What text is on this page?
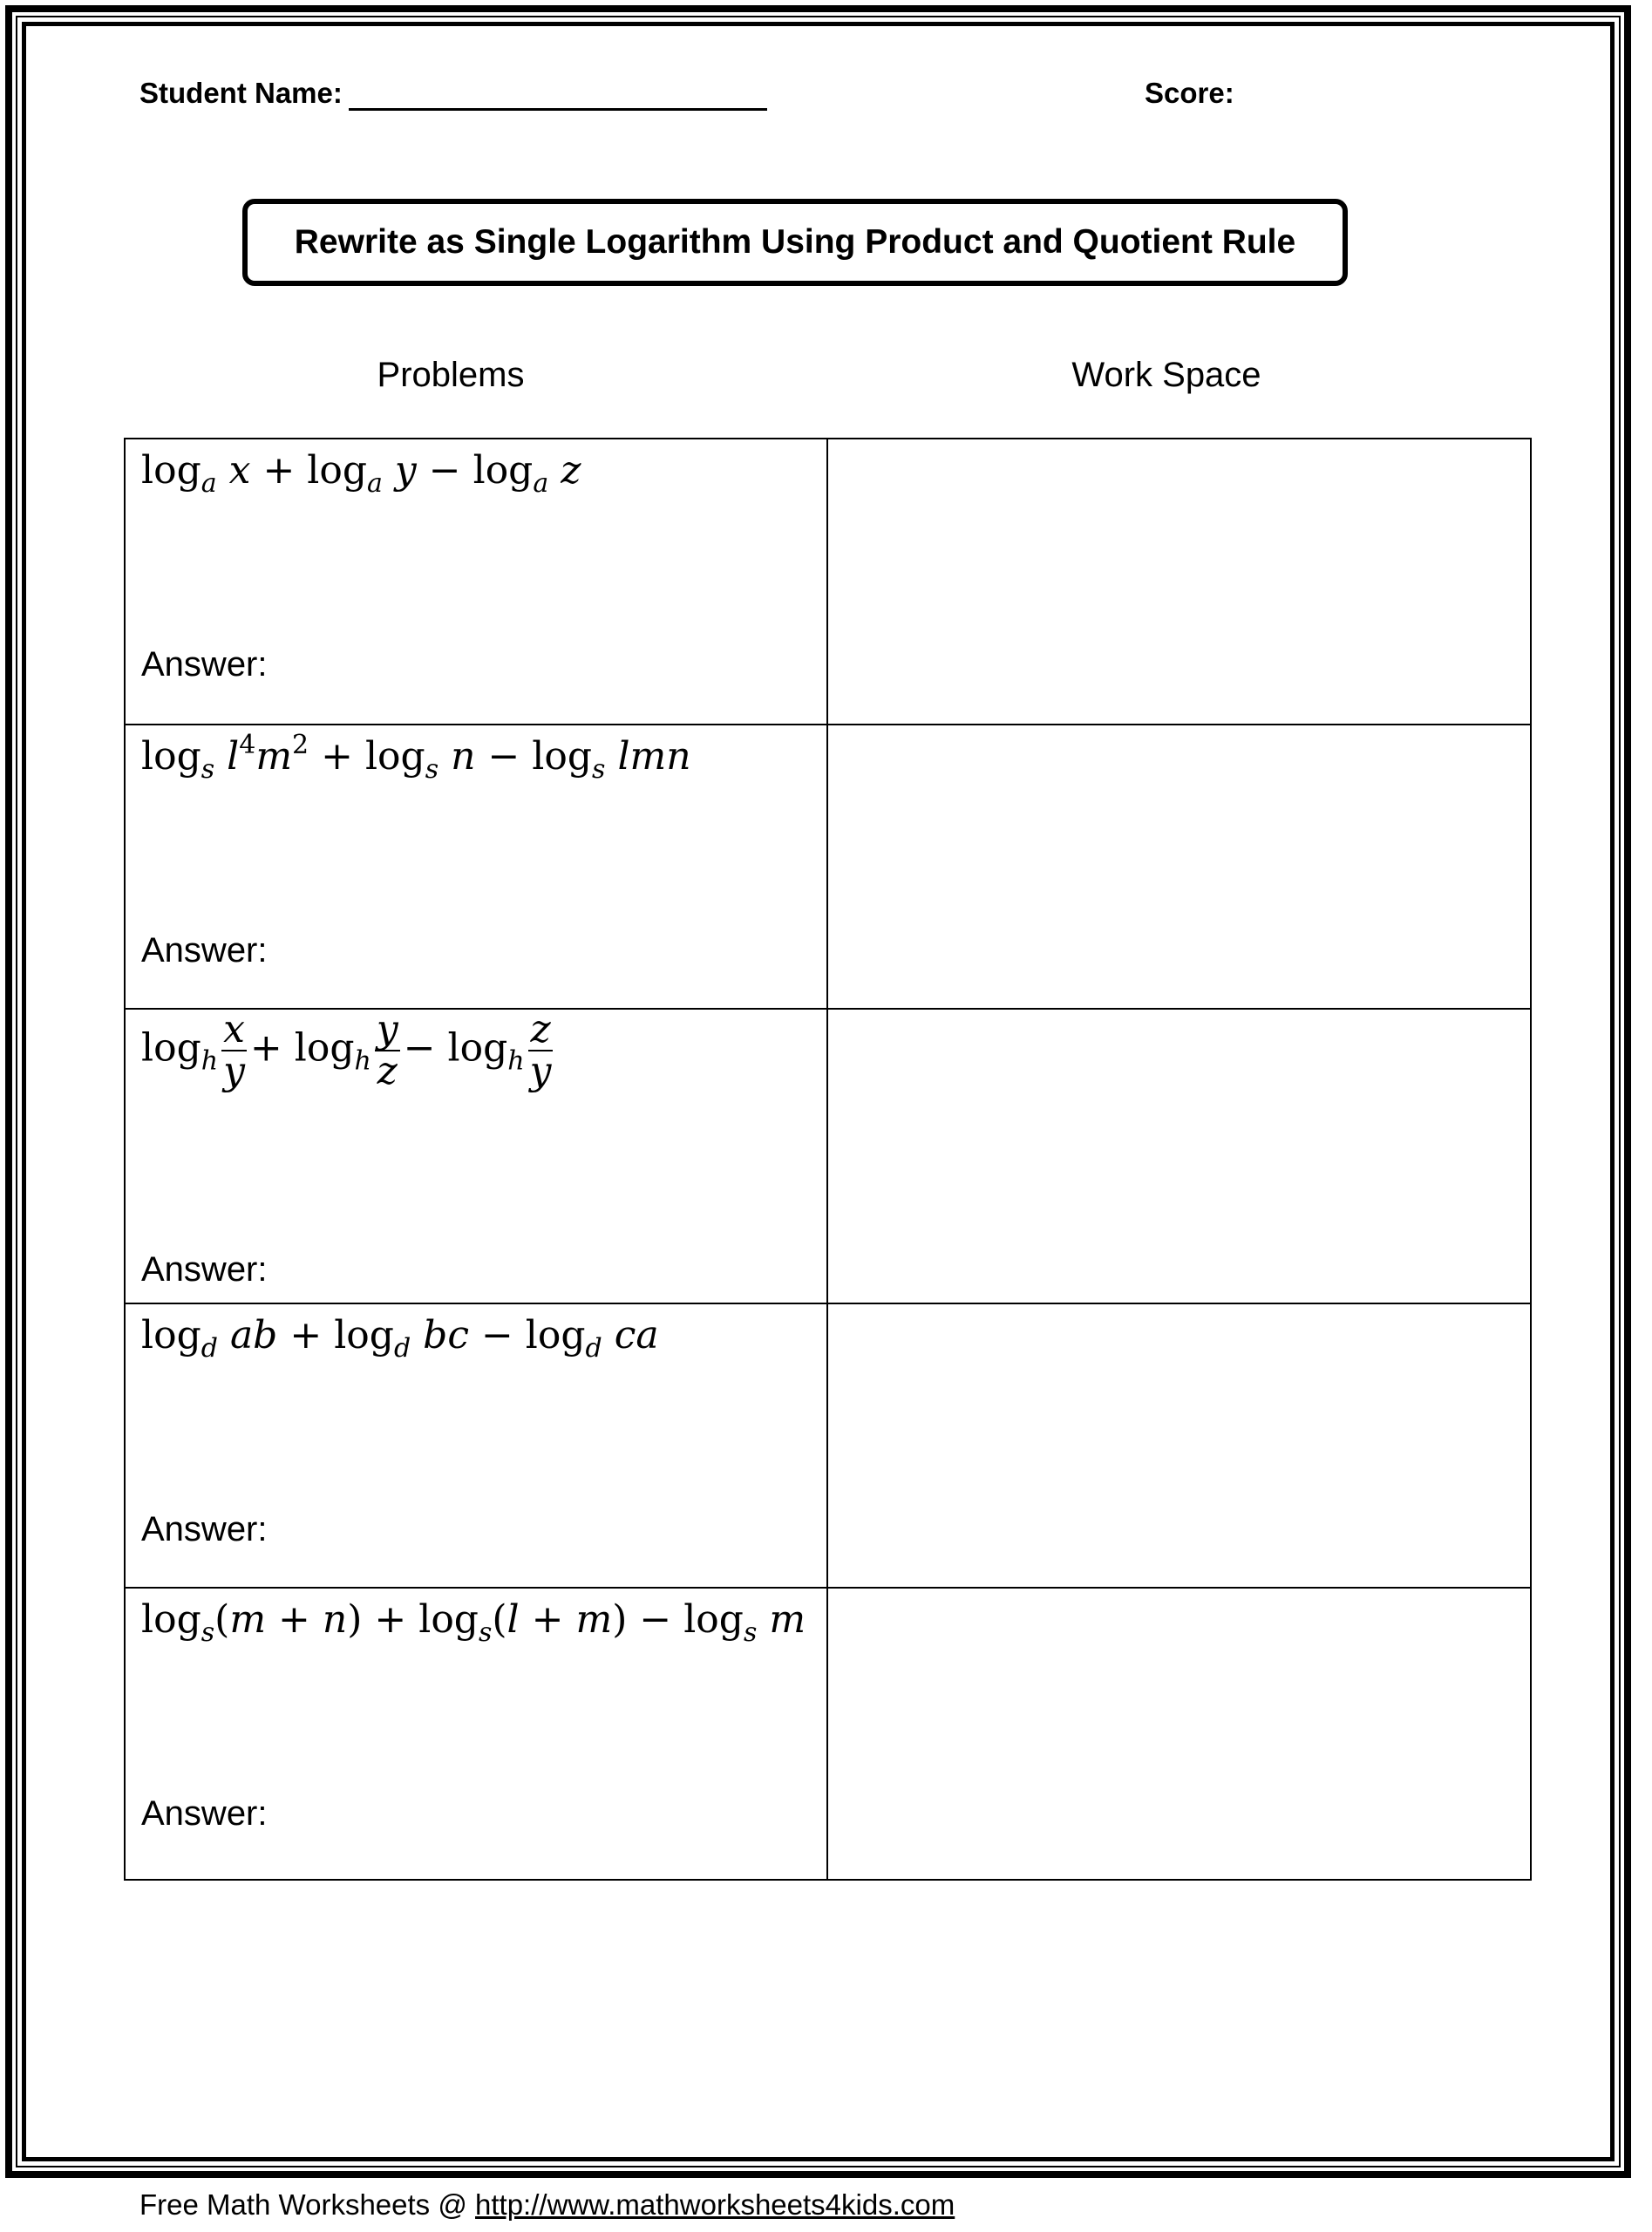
Student Name:	Score:
Rewrite as Single Logarithm Using Product and Quotient Rule
Problems	Work Space
$\log_a x + \log_a y - \log_a z$
Answer:
$\log_s l^4m^2 + \log_s n - \log_s$ lmn
Answer:
$\log_h \frac{x}{y} + \log_h \frac{y}{z} - \log_h \frac{z}{y}$
Answer:
$\log_d$ ab + $\log_d$ bc − $\log_d$ ca
Answer:
$\log_s(m + n) + \log_s(l + m) - \log_s m$
Answer:
Free Math Worksheets @ http://www.mathworksheets4kids.com
